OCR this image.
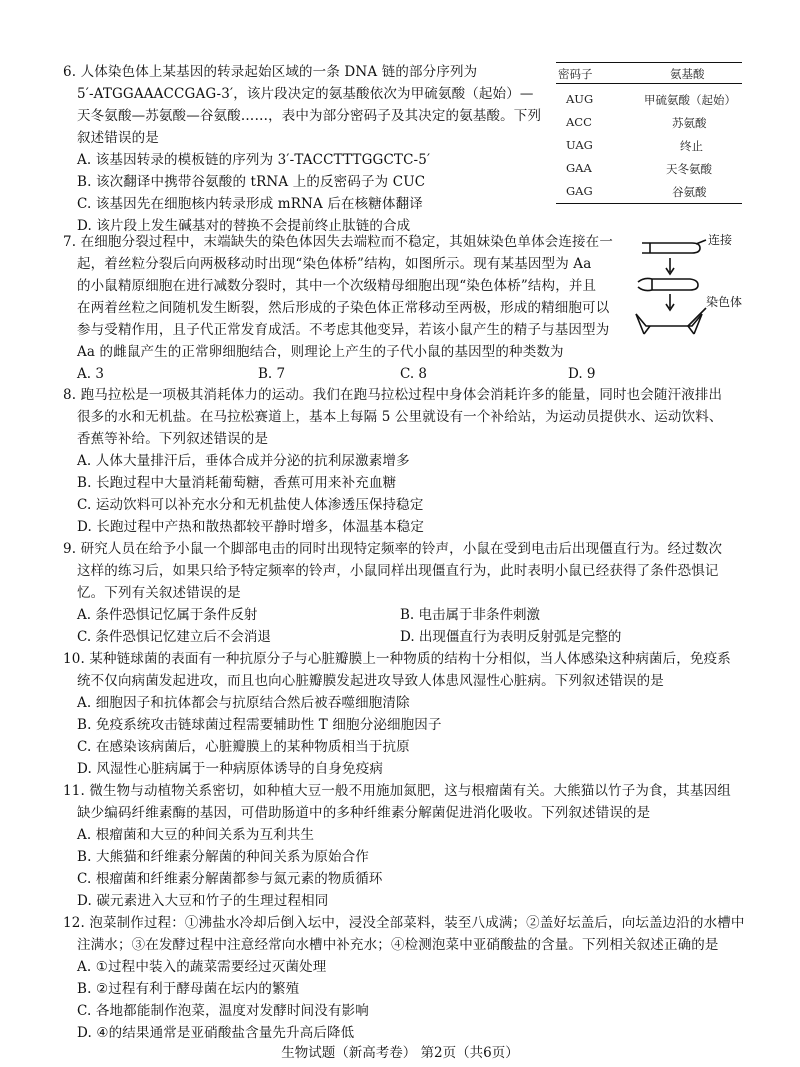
6. 人体染色体上某基因的转录起始区域的一条 DNA 链的部分序列为
5′-ATGGAAACCGAG-3′，该片段决定的氨基酸依次为甲硫氨酸（起始）—
天冬氨酸—苏氨酸—谷氨酸……，表中为部分密码子及其决定的氨基酸。下列
叙述错误的是
A. 该基因转录的模板链的序列为 3′-TACCTTTGGCTC-5′
B. 该次翻译中携带谷氨酸的 tRNA 上的反密码子为 CUC
C. 该基因先在细胞核内转录形成 mRNA 后在核糖体翻译
D. 该片段上发生碱基对的替换不会提前终止肽链的合成
密码子	氨基酸
AUG	甲硫氨酸（起始）
ACC	苏氨酸
UAG	终止
GAA	天冬氨酸
GAG	谷氨酸
7. 在细胞分裂过程中，末端缺失的染色体因失去端粒而不稳定，其姐妹染色单体会连接在一
起，着丝粒分裂后向两极移动时出现“染色体桥”结构，如图所示。现有某基因型为 Aa
的小鼠精原细胞在进行减数分裂时，其中一个次级精母细胞出现“染色体桥”结构，并且
在两着丝粒之间随机发生断裂，然后形成的子染色体正常移动至两极，形成的精细胞可以
参与受精作用，且子代正常发育成活。不考虑其他变异，若该小鼠产生的精子与基因型为
Aa 的雌鼠产生的正常卵细胞结合，则理论上产生的子代小鼠的基因型的种类数为
A. 3	B. 7	C. 8	D. 9
连接
染色体
8. 跑马拉松是一项极其消耗体力的运动。我们在跑马拉松过程中身体会消耗许多的能量，同时也会随汗液排出
很多的水和无机盐。在马拉松赛道上，基本上每隔 5 公里就设有一个补给站，为运动员提供水、运动饮料、
香蕉等补给。下列叙述错误的是
A. 人体大量排汗后，垂体合成并分泌的抗利尿激素增多
B. 长跑过程中大量消耗葡萄糖，香蕉可用来补充血糖
C. 运动饮料可以补充水分和无机盐使人体渗透压保持稳定
D. 长跑过程中产热和散热都较平静时增多，体温基本稳定
9. 研究人员在给予小鼠一个脚部电击的同时出现特定频率的铃声，小鼠在受到电击后出现僵直行为。经过数次
这样的练习后，如果只给予特定频率的铃声，小鼠同样出现僵直行为，此时表明小鼠已经获得了条件恐惧记
忆。下列有关叙述错误的是
A. 条件恐惧记忆属于条件反射	B. 电击属于非条件刺激
C. 条件恐惧记忆建立后不会消退	D. 出现僵直行为表明反射弧是完整的
10. 某种链球菌的表面有一种抗原分子与心脏瓣膜上一种物质的结构十分相似，当人体感染这种病菌后，免疫系
统不仅向病菌发起进攻，而且也向心脏瓣膜发起进攻导致人体患风湿性心脏病。下列叙述错误的是
A. 细胞因子和抗体都会与抗原结合然后被吞噬细胞清除
B. 免疫系统攻击链球菌过程需要辅助性 T 细胞分泌细胞因子
C. 在感染该病菌后，心脏瓣膜上的某种物质相当于抗原
D. 风湿性心脏病属于一种病原体诱导的自身免疫病
11. 微生物与动植物关系密切，如种植大豆一般不用施加氮肥，这与根瘤菌有关。大熊猫以竹子为食，其基因组
缺少编码纤维素酶的基因，可借助肠道中的多种纤维素分解菌促进消化吸收。下列叙述错误的是
A. 根瘤菌和大豆的种间关系为互利共生
B. 大熊猫和纤维素分解菌的种间关系为原始合作
C. 根瘤菌和纤维素分解菌都参与氮元素的物质循环
D. 碳元素进入大豆和竹子的生理过程相同
12. 泡菜制作过程：①沸盐水冷却后倒入坛中，浸没全部菜料，装至八成满；②盖好坛盖后，向坛盖边沿的水槽中
注满水；③在发酵过程中注意经常向水槽中补充水；④检测泡菜中亚硝酸盐的含量。下列相关叙述正确的是
A. ①过程中装入的蔬菜需要经过灭菌处理
B. ②过程有利于酵母菌在坛内的繁殖
C. 各地都能制作泡菜，温度对发酵时间没有影响
D. ④的结果通常是亚硝酸盐含量先升高后降低
生物试题（新高考卷） 第2页（共6页）
